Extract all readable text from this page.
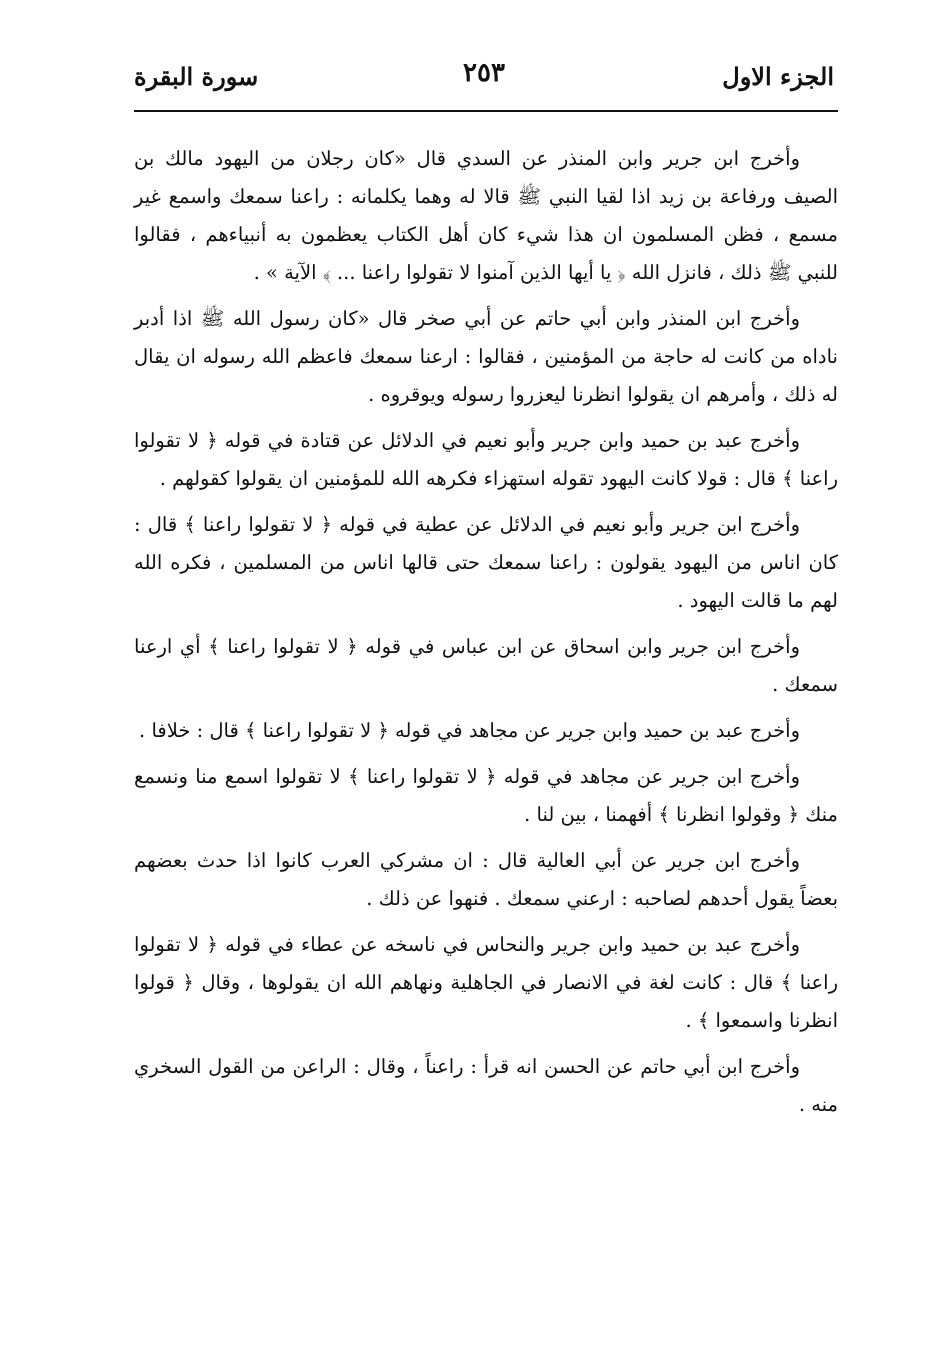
الجزء الاول
٢٥٣
سورة البقرة

وأخرج ابن جرير وابن المنذر عن السدي قال «كان رجلان من اليهود مالك بن الصيف ورفاعة بن زيد اذا لقيا النبي ﷺ قالا له وهما يكلمانه : راعنا سمعك واسمع غير مسمع ، فظن المسلمون ان هذا شيء كان أهل الكتاب يعظمون به أنبياءهم ، فقالوا للنبي ﷺ ذلك ، فانزل الله ﴿ يا أيها الذين آمنوا لا تقولوا راعنا ... ﴾ الآية » .

وأخرج ابن المنذر وابن أبي حاتم عن أبي صخر قال «كان رسول الله ﷺ اذا أدبر ناداه من كانت له حاجة من المؤمنين ، فقالوا : ارعنا سمعك فاعظم الله رسوله ان يقال له ذلك ، وأمرهم ان يقولوا انظرنا ليعزروا رسوله ويوقروه .

وأخرج عبد بن حميد وابن جرير وأبو نعيم في الدلائل عن قتادة في قوله ﴿ لا تقولوا راعنا ﴾ قال : قولا كانت اليهود تقوله استهزاء فكرهه الله للمؤمنين ان يقولوا كقولهم .

وأخرج ابن جرير وأبو نعيم في الدلائل عن عطية في قوله ﴿ لا تقولوا راعنا ﴾ قال : كان اناس من اليهود يقولون : راعنا سمعك حتى قالها اناس من المسلمين ، فكره الله لهم ما قالت اليهود .

وأخرج ابن جرير وابن اسحاق عن ابن عباس في قوله ﴿ لا تقولوا راعنا ﴾ أي ارعنا سمعك .

وأخرج عبد بن حميد وابن جرير عن مجاهد في قوله ﴿ لا تقولوا راعنا ﴾ قال : خلافا .

وأخرج ابن جرير عن مجاهد في قوله ﴿ لا تقولوا راعنا ﴾ لا تقولوا اسمع منا ونسمع منك ﴿ وقولوا انظرنا ﴾ أفهمنا ، بين لنا .

وأخرج ابن جرير عن أبي العالية قال : ان مشركي العرب كانوا اذا حدث بعضهم بعضاً يقول أحدهم لصاحبه : ارعني سمعك . فنهوا عن ذلك .

وأخرج عبد بن حميد وابن جرير والنحاس في ناسخه عن عطاء في قوله ﴿ لا تقولوا راعنا ﴾ قال : كانت لغة في الانصار في الجاهلية ونهاهم الله ان يقولوها ، وقال ﴿ قولوا انظرنا واسمعوا ﴾ .

وأخرج ابن أبي حاتم عن الحسن انه قرأ : راعناً ، وقال : الراعن من القول السخري منه .
